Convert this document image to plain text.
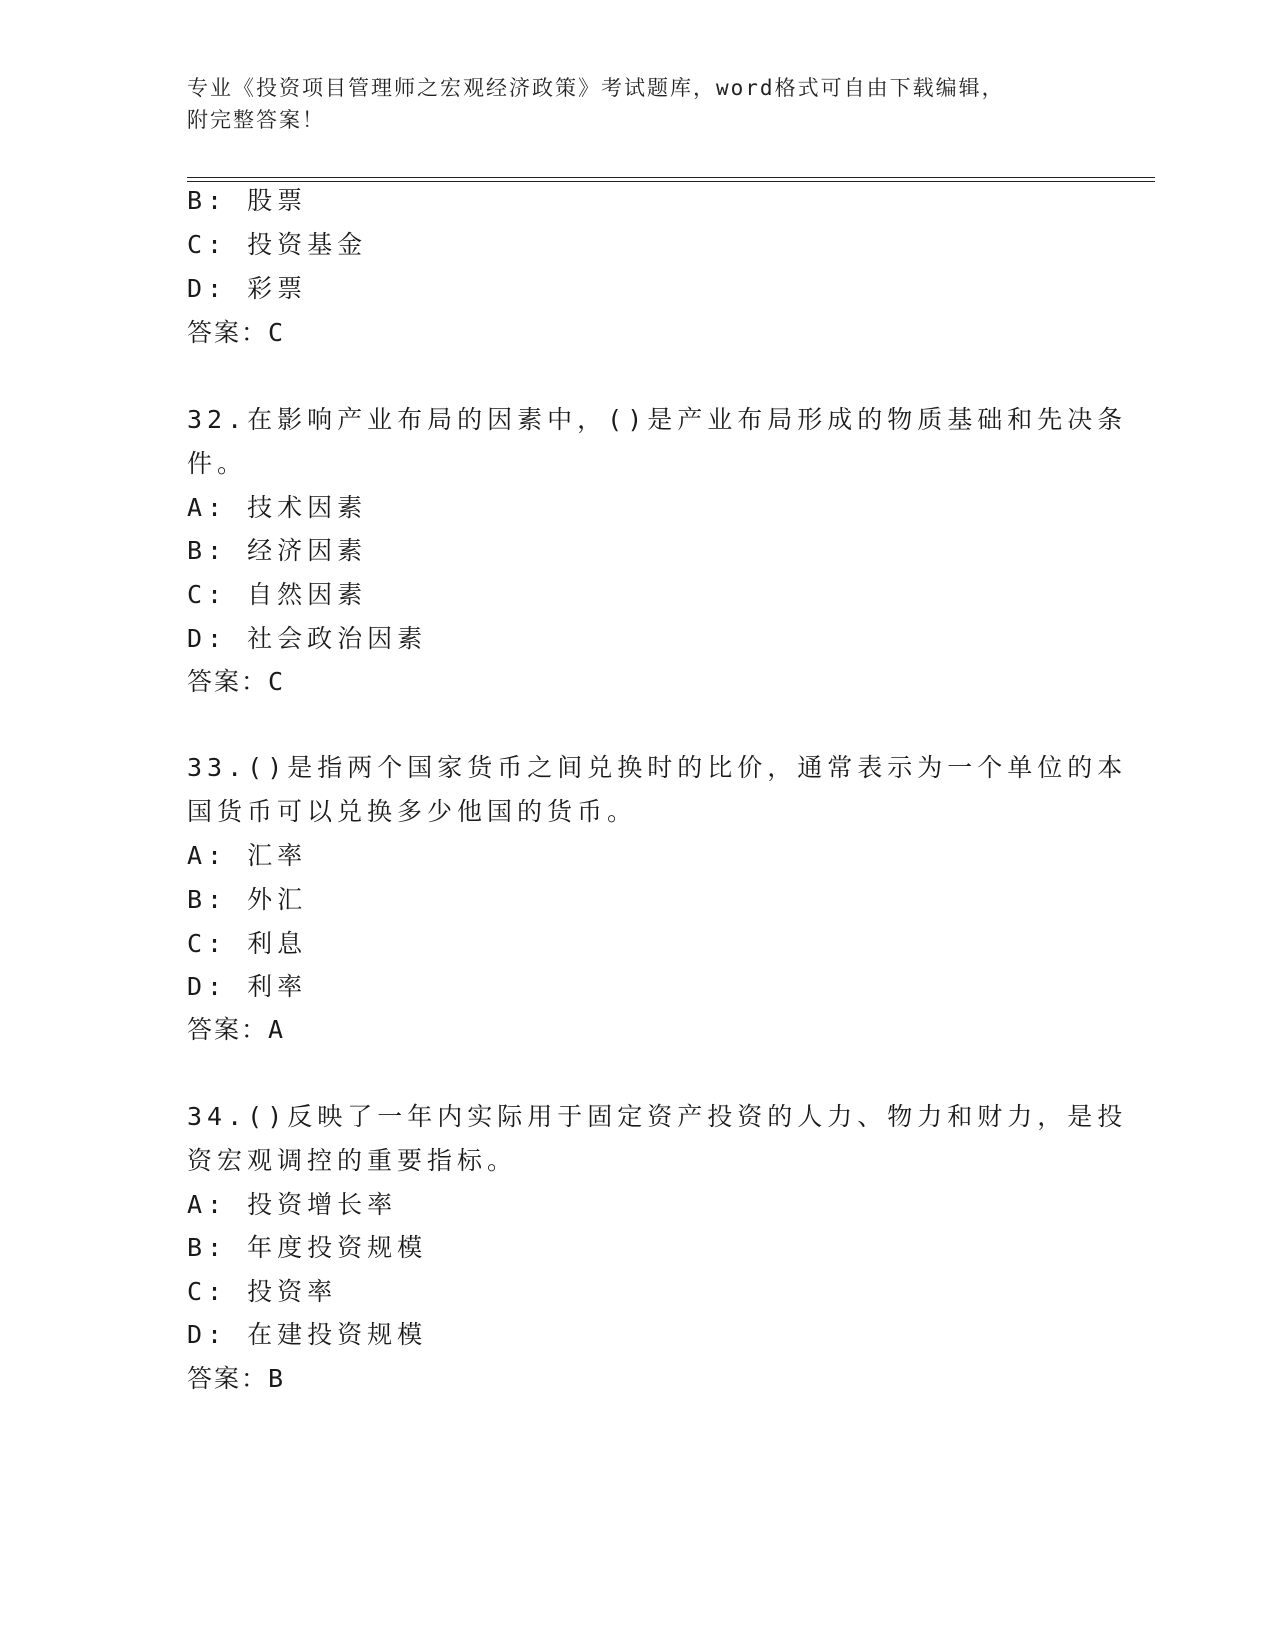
专业《投资项目管理师之宏观经济政策》考试题库，word格式可自由下载编辑，
附完整答案！
B: 股票
C: 投资基金
D: 彩票
答案：C
32.在影响产业布局的因素中，()是产业布局形成的物质基础和先决条
件。
A: 技术因素
B: 经济因素
C: 自然因素
D: 社会政治因素
答案：C
33.()是指两个国家货币之间兑换时的比价，通常表示为一个单位的本
国货币可以兑换多少他国的货币。
A: 汇率
B: 外汇
C: 利息
D: 利率
答案：A
34.()反映了一年内实际用于固定资产投资的人力、物力和财力，是投
资宏观调控的重要指标。
A: 投资增长率
B: 年度投资规模
C: 投资率
D: 在建投资规模
答案：B
